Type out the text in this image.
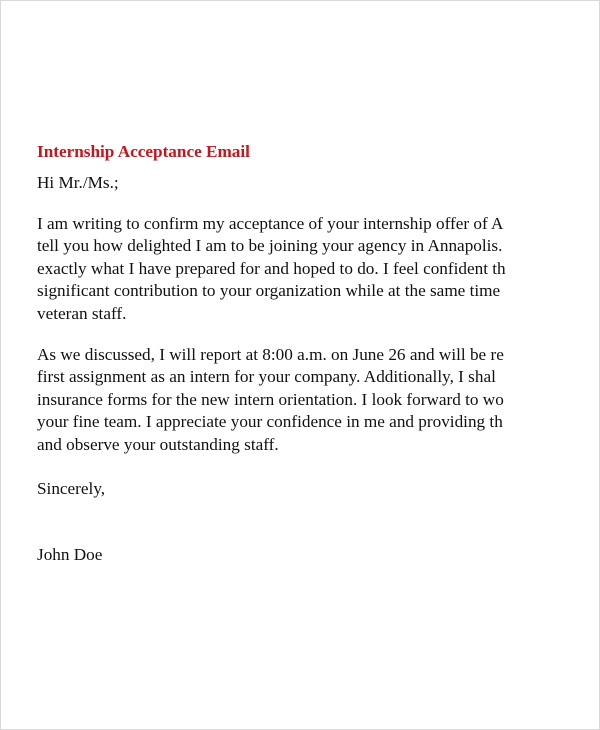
Internship Acceptance Email

Hi Mr./Ms.;

I am writing to confirm my acceptance of your internship offer of A
tell you how delighted I am to be joining your agency in Annapolis.
exactly what I have prepared for and hoped to do. I feel confident th
significant contribution to your organization while at the same time
veteran staff.

As we discussed, I will report at 8:00 a.m. on June 26 and will be re
first assignment as an intern for your company. Additionally, I shal
insurance forms for the new intern orientation. I look forward to wo
your fine team. I appreciate your confidence in me and providing th
and observe your outstanding staff.

Sincerely,

John Doe
